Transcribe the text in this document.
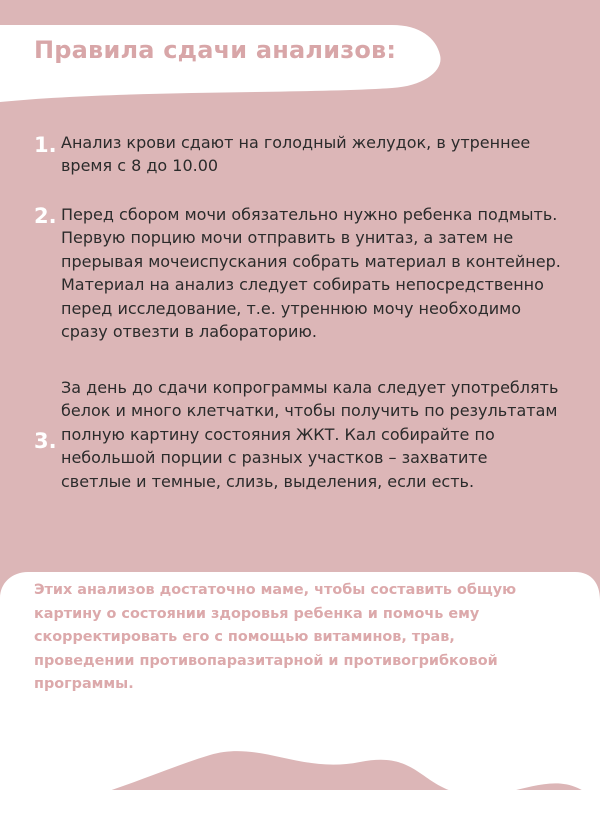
Правила сдачи анализов:
1. Анализ крови сдают на голодный желудок, в утреннее время с 8 до 10.00

2. Перед сбором мочи обязательно нужно ребенка подмыть. Первую порцию мочи отправить в унитаз, а затем не прерывая мочеиспускания собрать материал в контейнер. Материал на анализ следует собирать непосредственно перед исследование, т.е. утреннюю мочу необходимо сразу отвезти в лабораторию.

3.

За день до сдачи копрограммы кала следует употреблять белок и много клетчатки, чтобы получить по результатам полную картину состояния ЖКТ. Кал собирайте по небольшой порции с разных участков – захватите светлые и темные, слизь, выделения, если есть.

Этих анализов достаточно маме, чтобы составить общую картину о состоянии здоровья ребенка и помочь ему скорректировать его с помощью витаминов, трав, проведении противопаразитарной и противогрибковой программы.
